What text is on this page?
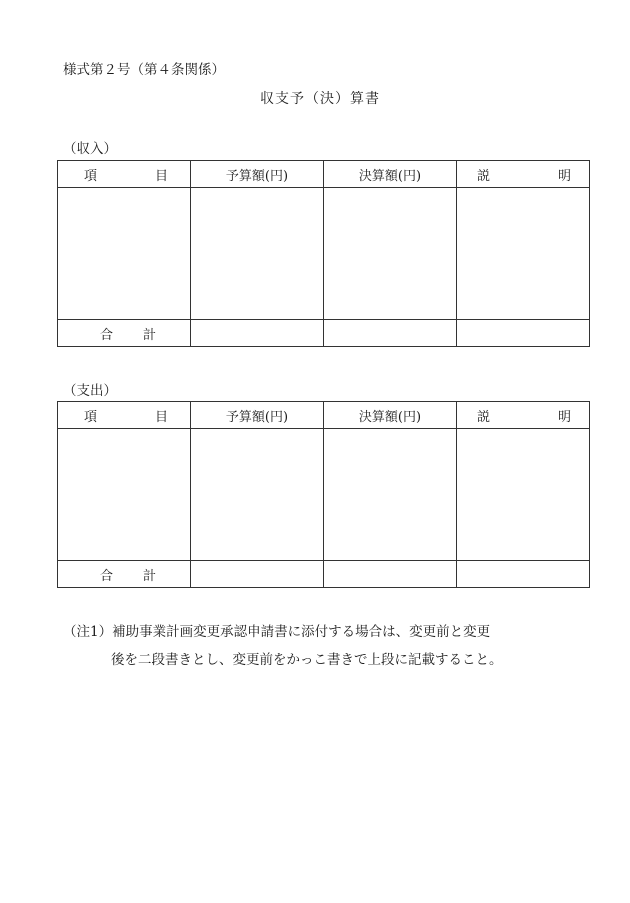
様式第２号（第４条関係）
収支予（決）算書
（収入）
項 目	予算額(円)	決算額(円)	説 明

合 計			

（支出）
項 目	予算額(円)	決算額(円)	説 明

合 計			

（注1）補助事業計画変更承認申請書に添付する場合は、変更前と変更
後を二段書きとし、変更前をかっこ書きで上段に記載すること。
